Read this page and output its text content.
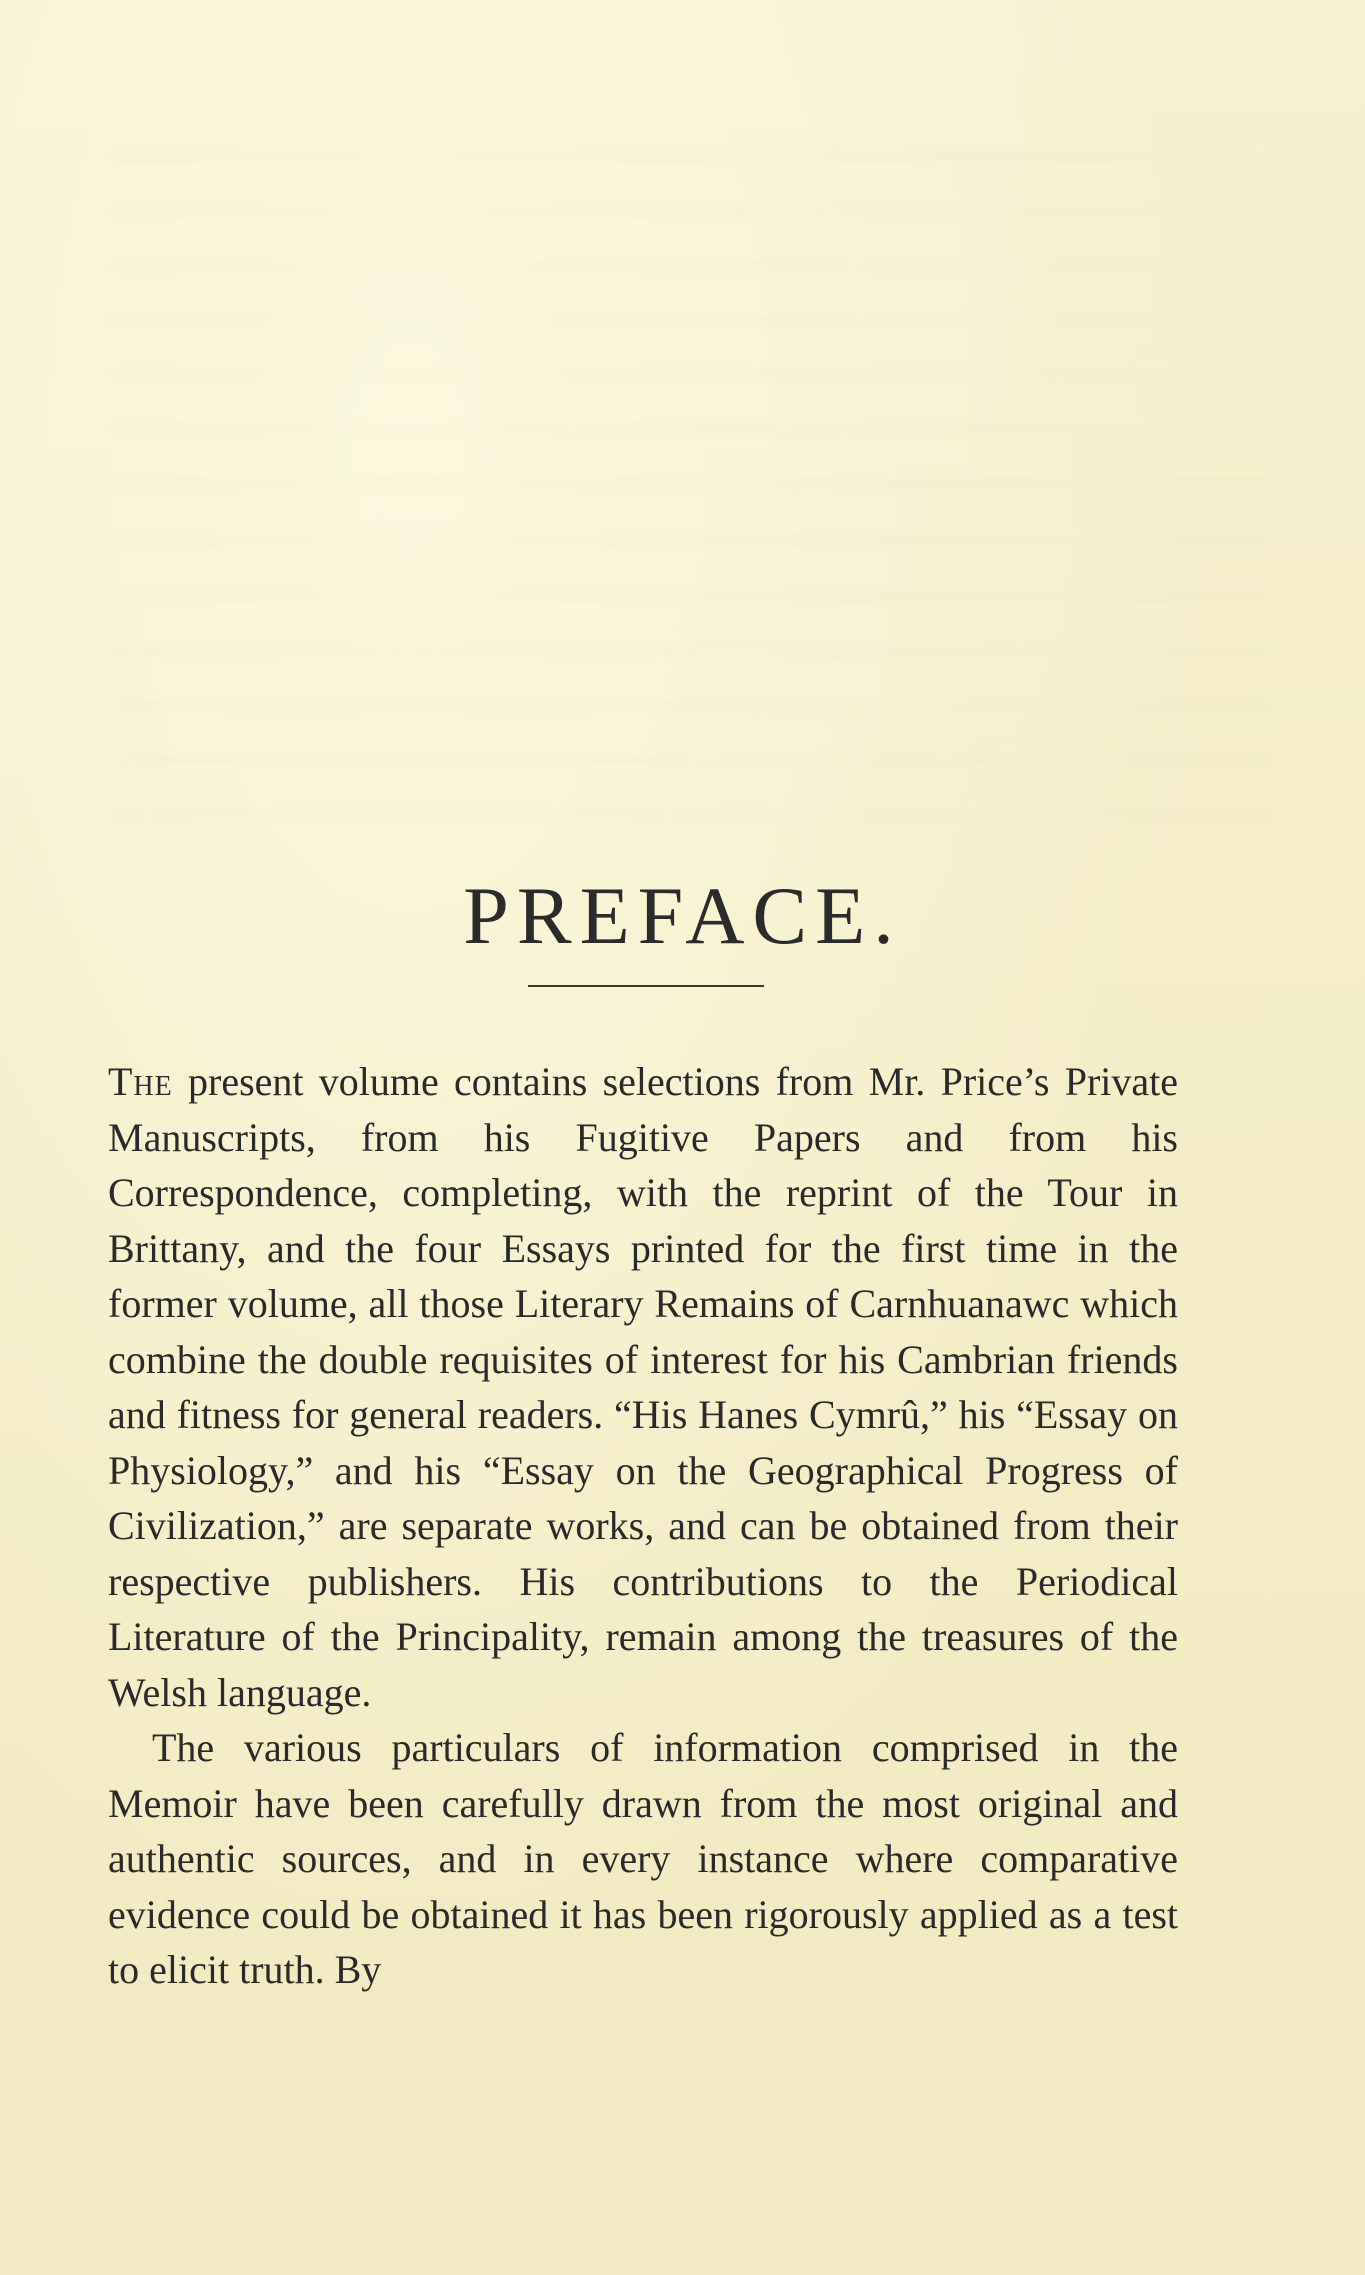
PREFACE.

The present volume contains selections from Mr. Price’s Private Manuscripts, from his Fugitive Papers and from his Correspondence, completing, with the reprint of the Tour in Brittany, and the four Essays printed for the first time in the former volume, all those Literary Remains of Carnhuanawc which combine the double requisites of interest for his Cambrian friends and fitness for general readers. “His Hanes Cymrû,” his “Essay on Physiology,” and his “Essay on the Geographical Progress of Civilization,” are separate works, and can be obtained from their respective publishers. His contributions to the Periodical Literature of the Principality, remain among the treasures of the Welsh language.

The various particulars of information comprised in the Memoir have been carefully drawn from the most original and authentic sources, and in every instance where comparative evidence could be obtained it has been rigorously applied as a test to elicit truth. By
